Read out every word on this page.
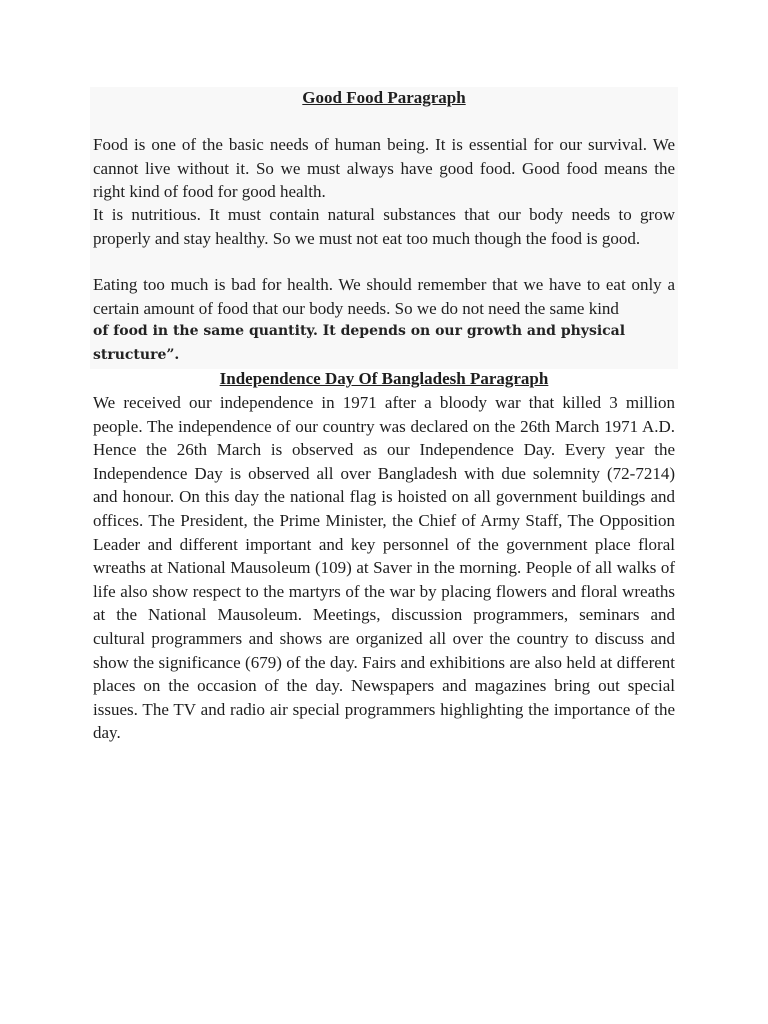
Good Food Paragraph

Food is one of the basic needs of human being. It is essential for our survival. We cannot live without it. So we must always have good food. Good food means the right kind of food for good health.

It is nutritious. It must contain natural substances that our body needs to grow properly and stay healthy. So we must not eat too much though the food is good.

Eating too much is bad for health. We should remember that we have to eat only a certain amount of food that our body needs. So we do not need the same kind

of food in the same quantity. It depends on our growth and physical structure”.

Independence Day Of Bangladesh Paragraph

We received our independence in 1971 after a bloody war that killed 3 million people. The independence of our country was declared on the 26th March 1971 A.D. Hence the 26th March is observed as our Independence Day. Every year the Independence Day is observed all over Bangladesh with due solemnity (72-7214) and honour. On this day the national flag is hoisted on all government buildings and offices. The President, the Prime Minister, the Chief of Army Staff, The Opposition Leader and different important and key personnel of the government place floral wreaths at National Mausoleum (109) at Saver in the morning. People of all walks of life also show respect to the martyrs of the war by placing flowers and floral wreaths at the National Mausoleum. Meetings, discussion programmers, seminars and cultural programmers and shows are organized all over the country to discuss and show the significance (679) of the day. Fairs and exhibitions are also held at different places on the occasion of the day. Newspapers and magazines bring out special issues. The TV and radio air special programmers highlighting the importance of the day.
